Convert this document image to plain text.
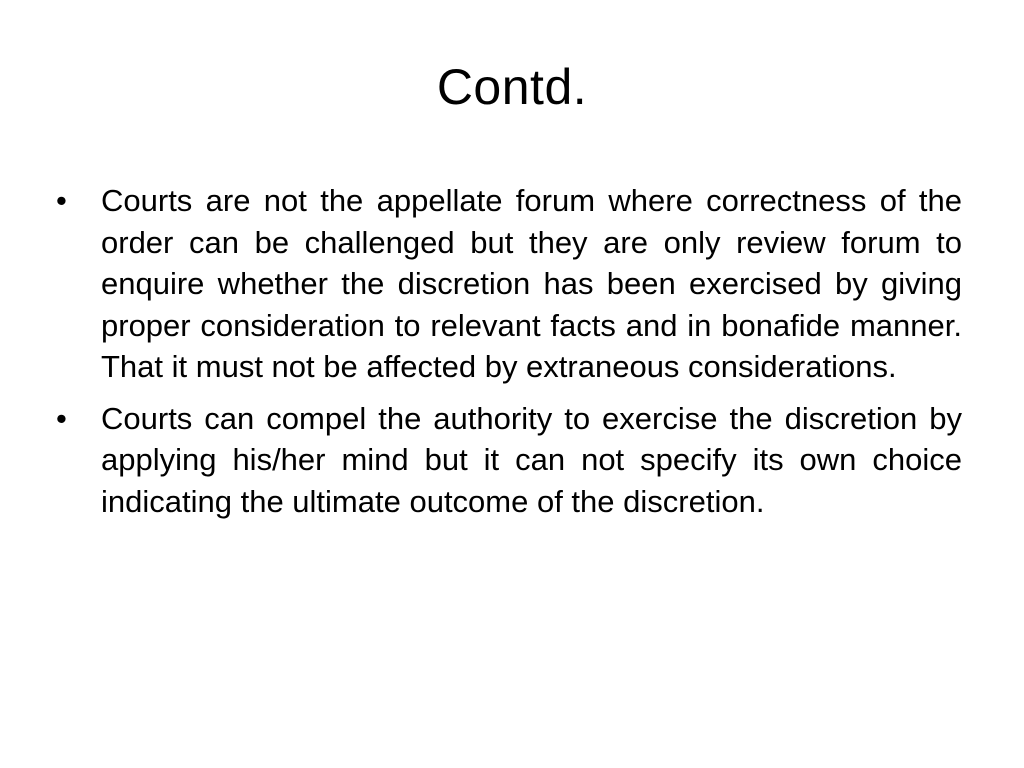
Contd.
•	Courts are not the appellate forum where correctness of the order can be challenged but they are only review forum to enquire whether the discretion has been exercised by giving proper consideration to relevant facts and in bonafide manner. That it must not be affected by extraneous considerations.
•	Courts can compel the authority to exercise the discretion by applying his/her mind but it can not specify its own choice indicating the ultimate outcome of the discretion.
